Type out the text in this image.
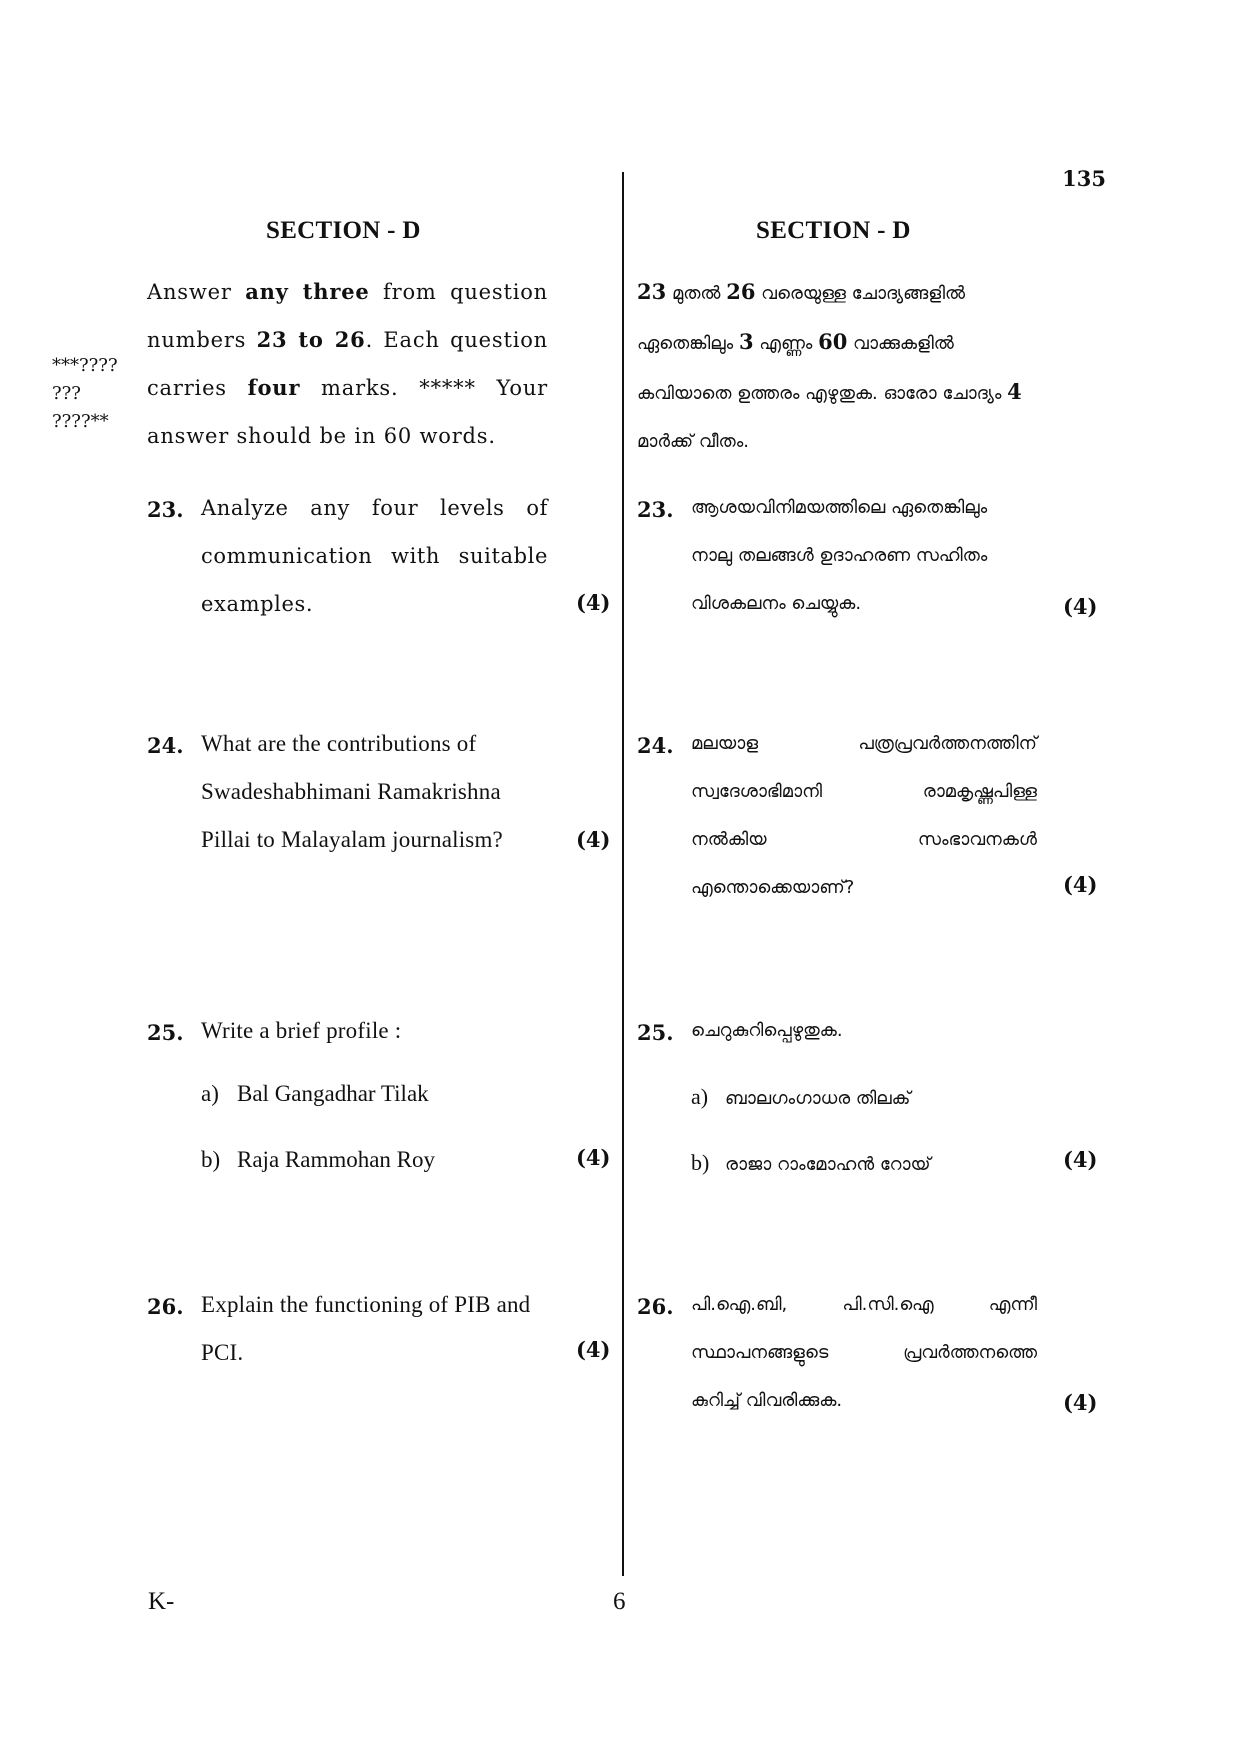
135
SECTION - D
***????
???
????**
Answer any three from question numbers 23 to 26. Each question carries four marks. ***** Your answer should be in 60 words.
23. Analyze any four levels of communication with suitable examples.	(4)
24. What are the contributions of Swadeshabhimani Ramakrishna Pillai to Malayalam journalism?	(4)
25. Write a brief profile :
a) Bal Gangadhar Tilak
b) Raja Rammohan Roy	(4)
26. Explain the functioning of PIB and PCI.	(4)
SECTION - D
23 മുതൽ 26 വരെയുള്ള ചോദ്യങ്ങളിൽ ഏതെങ്കിലും 3 എണ്ണം 60 വാക്കുകളിൽ കവിയാതെ ഉത്തരം എഴുതുക. ഓരോ ചോദ്യം 4 മാർക്ക് വീതം.
23. ആശയവിനിമയത്തിലെ ഏതെങ്കിലും
നാലു തലങ്ങൾ ഉദാഹരണ സഹിതം
വിശകലനം ചെയ്യുക.	(4)
24. മലയാള	പത്രപ്രവർത്തനത്തിന്
സ്വദേശാഭിമാനി	രാമകൃഷ്ണപിള്ള
നൽകിയ	സംഭാവനകൾ
എന്തൊക്കെയാണ്?	(4)
25. ചെറുകുറിപ്പെഴുതുക.
a) ബാലഗംഗാധര തിലക്
b) രാജാ റാംമോഹൻ റോയ്	(4)
26. പി.ഐ.ബി,	പി.സി.ഐ	എന്നീ
സ്ഥാപനങ്ങളുടെ	പ്രവർത്തനത്തെ
കുറിച്ച് വിവരിക്കുക.	(4)
K-	6
